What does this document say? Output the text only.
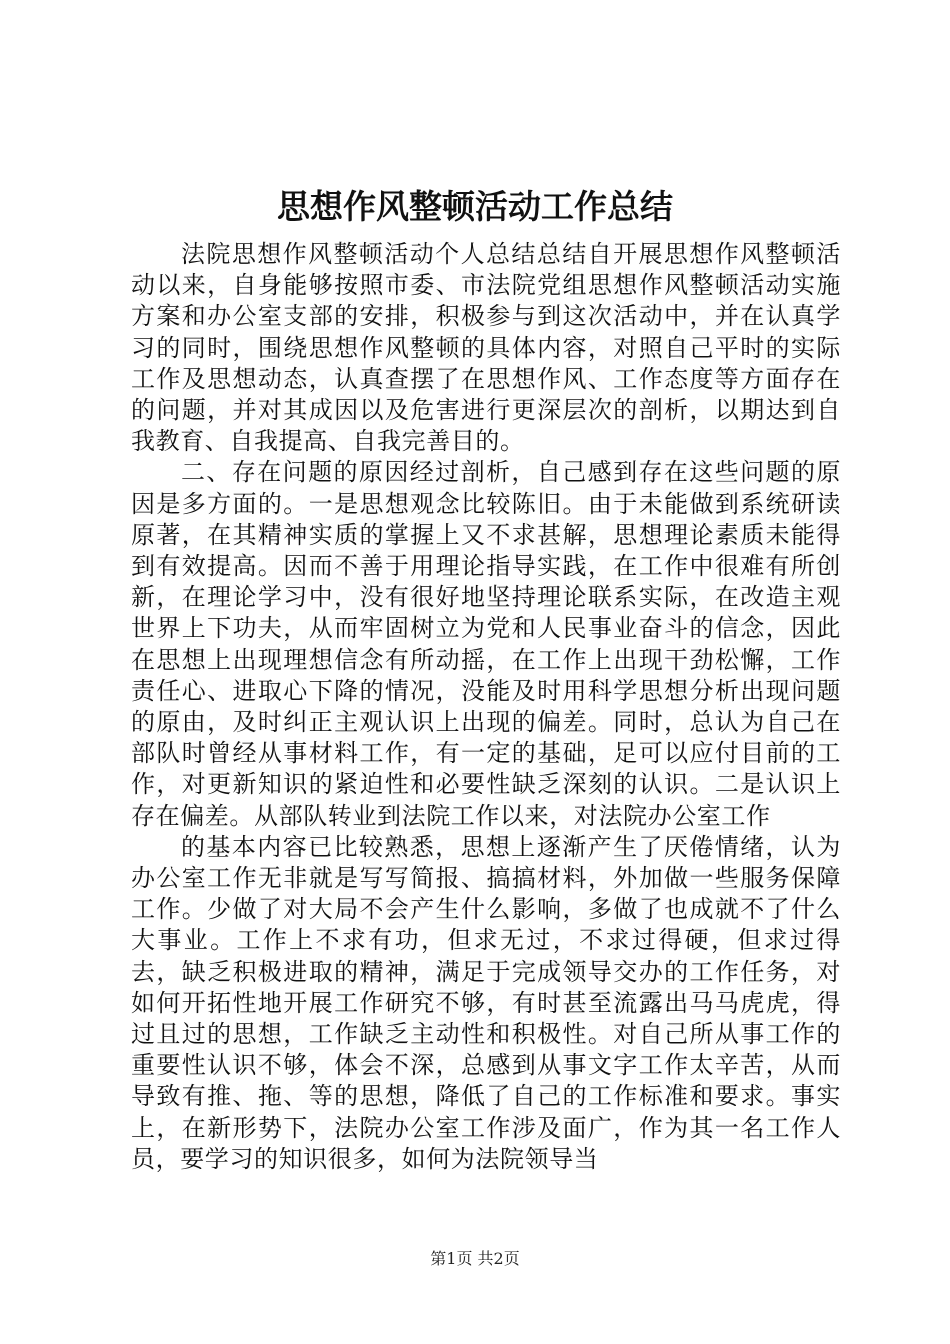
思想作风整顿活动工作总结

法院思想作风整顿活动个人总结总结自开展思想作风整顿活动以来，自身能够按照市委、市法院党组思想作风整顿活动实施方案和办公室支部的安排，积极参与到这次活动中，并在认真学习的同时，围绕思想作风整顿的具体内容，对照自己平时的实际工作及思想动态，认真查摆了在思想作风、工作态度等方面存在的问题，并对其成因以及危害进行更深层次的剖析，以期达到自我教育、自我提高、自我完善目的。

二、存在问题的原因经过剖析，自己感到存在这些问题的原因是多方面的。一是思想观念比较陈旧。由于未能做到系统研读原著，在其精神实质的掌握上又不求甚解，思想理论素质未能得到有效提高。因而不善于用理论指导实践，在工作中很难有所创新，在理论学习中，没有很好地坚持理论联系实际，在改造主观世界上下功夫，从而牢固树立为党和人民事业奋斗的信念，因此在思想上出现理想信念有所动摇，在工作上出现干劲松懈，工作责任心、进取心下降的情况，没能及时用科学思想分析出现问题的原由，及时纠正主观认识上出现的偏差。同时，总认为自己在部队时曾经从事材料工作，有一定的基础，足可以应付目前的工作，对更新知识的紧迫性和必要性缺乏深刻的认识。二是认识上存在偏差。从部队转业到法院工作以来，对法院办公室工作

的基本内容已比较熟悉，思想上逐渐产生了厌倦情绪，认为办公室工作无非就是写写简报、搞搞材料，外加做一些服务保障工作。少做了对大局不会产生什么影响，多做了也成就不了什么大事业。工作上不求有功，但求无过，不求过得硬，但求过得去，缺乏积极进取的精神，满足于完成领导交办的工作任务，对如何开拓性地开展工作研究不够，有时甚至流露出马马虎虎，得过且过的思想，工作缺乏主动性和积极性。对自己所从事工作的重要性认识不够，体会不深，总感到从事文字工作太辛苦，从而导致有推、拖、等的思想，降低了自己的工作标准和要求。事实上，在新形势下，法院办公室工作涉及面广，作为其一名工作人员，要学习的知识很多，如何为法院领导当

第1页 共2页
